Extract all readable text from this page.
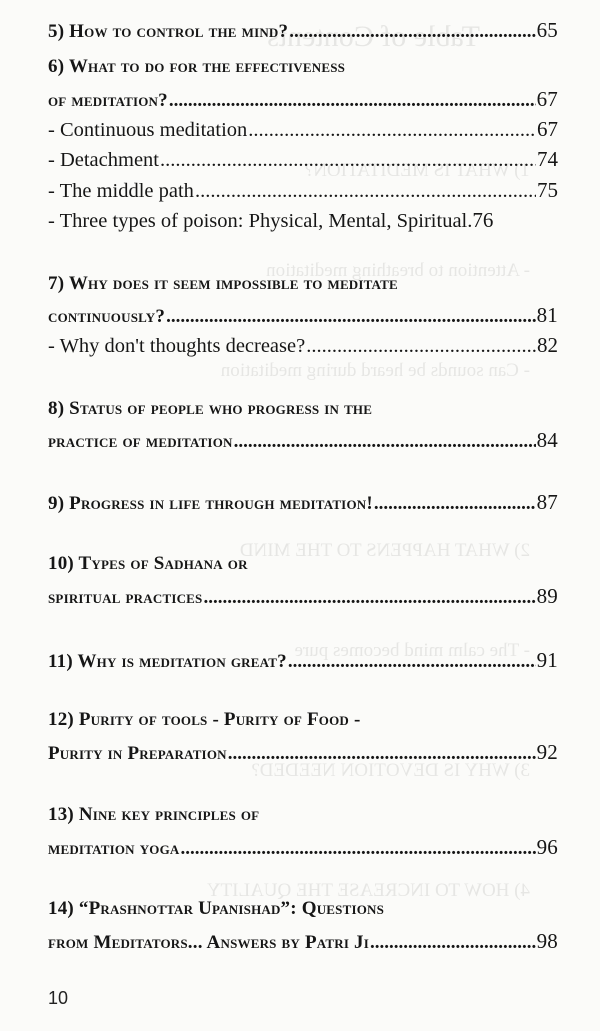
Table of Contents
1) WHAT IS MEDITATION?
- Attention to breathing meditation
- Can sounds be heard during meditation
2) WHAT HAPPENS TO THE MIND
- The calm mind becomes pure
3) WHY IS DEVOTION NEEDED?
4) HOW TO INCREASE THE QUALITY
5) How to control the mind? .....	65
6) What to do for the effectiveness
of meditation? .....	67
- Continuous meditation .....	67
- Detachment .....	74
- The middle path .....	75
- Three types of poison: Physical, Mental, Spiritual. 76
7) Why does it seem impossible to meditate
continuously? .....	81
- Why don't thoughts decrease? .....	82
8) Status of people who progress in the
practice of meditation .....	84
9) Progress in life through meditation! .....	87
10) Types of Sadhana or
spiritual practices .....	89
11) Why is meditation great? .....	91
12) Purity of tools - Purity of Food -
Purity in Preparation .....	92
13) Nine key principles of
meditation yoga .....	96
14) “Prashnottar Upanishad”: Questions
from Meditators... Answers by Patri Ji .....	98
10
